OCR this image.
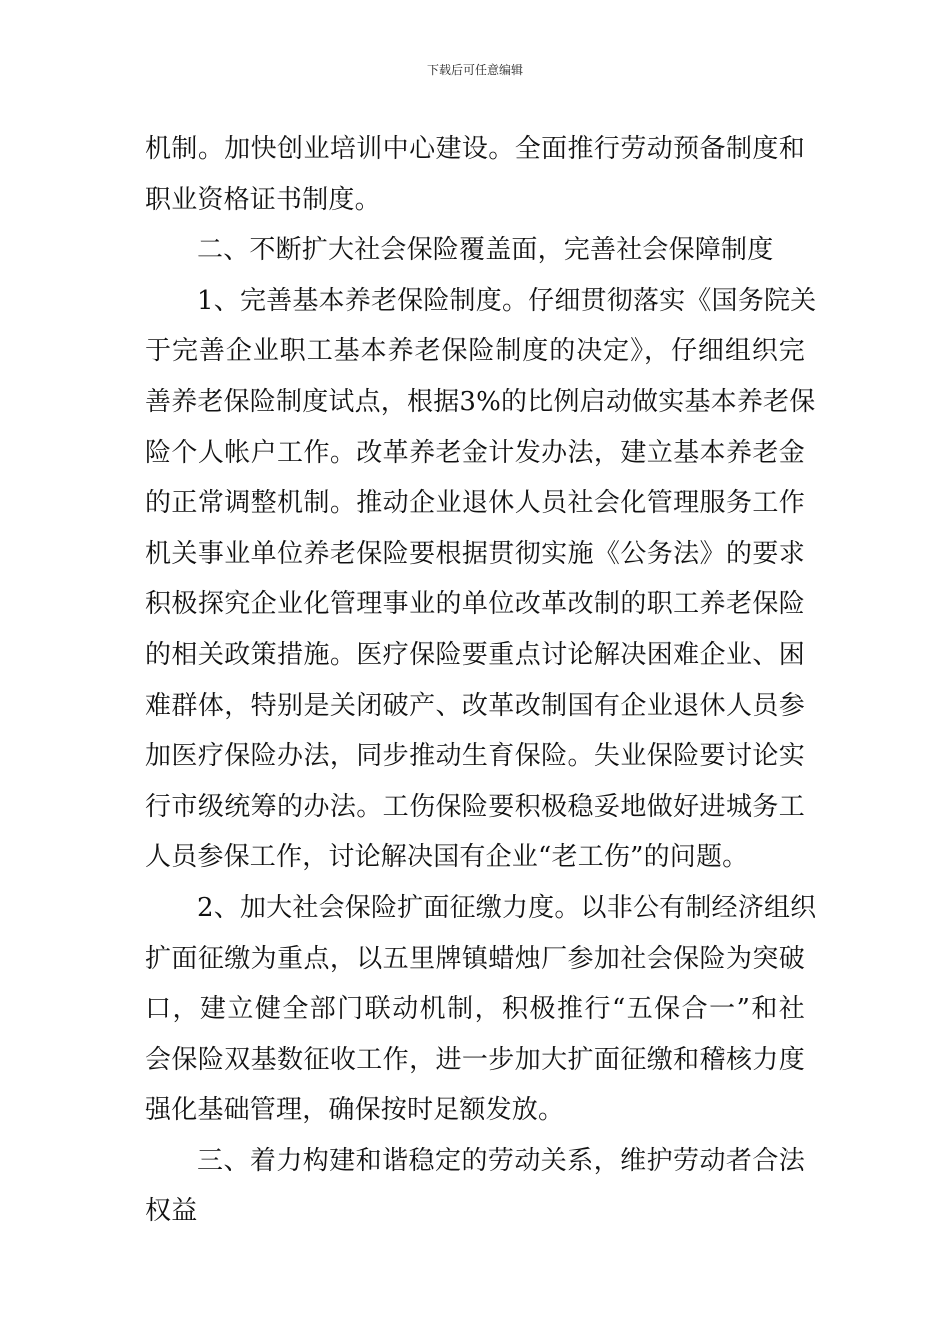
下载后可任意编辑
机制。加快创业培训中心建设。全面推行劳动预备制度和
职业资格证书制度。
二、不断扩大社会保险覆盖面，完善社会保障制度
1、完善基本养老保险制度。仔细贯彻落实《国务院关
于完善企业职工基本养老保险制度的决定》，仔细组织完
善养老保险制度试点，根据3%的比例启动做实基本养老保
险个人帐户工作。改革养老金计发办法，建立基本养老金
的正常调整机制。推动企业退休人员社会化管理服务工作
机关事业单位养老保险要根据贯彻实施《公务法》的要求
积极探究企业化管理事业的单位改革改制的职工养老保险
的相关政策措施。医疗保险要重点讨论解决困难企业、困
难群体，特别是关闭破产、改革改制国有企业退休人员参
加医疗保险办法，同步推动生育保险。失业保险要讨论实
行市级统筹的办法。工伤保险要积极稳妥地做好进城务工
人员参保工作，讨论解决国有企业“老工伤”的问题。
2、加大社会保险扩面征缴力度。以非公有制经济组织
扩面征缴为重点，以五里牌镇蜡烛厂参加社会保险为突破
口，建立健全部门联动机制，积极推行“五保合一”和社
会保险双基数征收工作，进一步加大扩面征缴和稽核力度
强化基础管理，确保按时足额发放。
三、着力构建和谐稳定的劳动关系，维护劳动者合法
权益
